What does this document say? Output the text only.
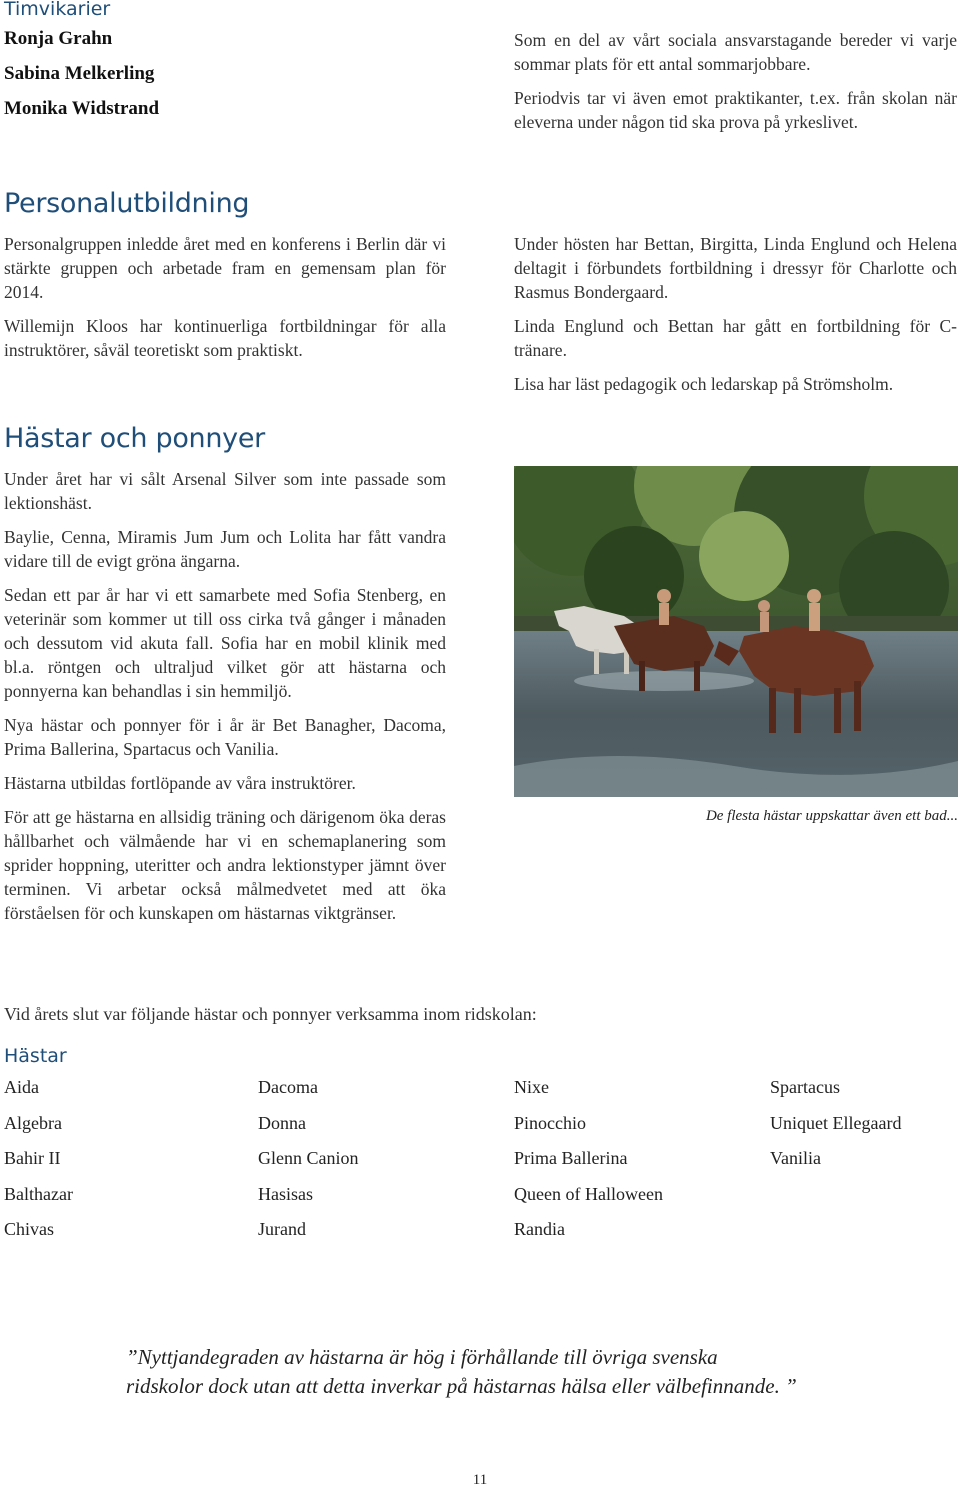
Timvikarier
Ronja Grahn
Sabina Melkerling
Monika Widstrand

Som en del av vårt sociala ansvarstagande bereder vi varje sommar plats för ett antal sommarjobbare.

Periodvis tar vi även emot praktikanter, t.ex. från skolan när eleverna under någon tid ska prova på yrkeslivet.

Personalutbildning

Personalgruppen inledde året med en konferens i Berlin där vi stärkte gruppen och arbetade fram en gemensam plan för 2014.

Willemijn Kloos har kontinuerliga fortbildningar för alla instruktörer, såväl teoretiskt som praktiskt.

Under hösten har Bettan, Birgitta, Linda Englund och Helena deltagit i förbundets fortbildning i dressyr för Charlotte och Rasmus Bondergaard.

Linda Englund och Bettan har gått en fortbildning för C-tränare.

Lisa har läst pedagogik och ledarskap på Strömsholm.

Hästar och ponnyer

Under året har vi sålt Arsenal Silver som inte passade som lektionshäst.

Baylie, Cenna, Miramis Jum Jum och Lolita har fått vandra vidare till de evigt gröna ängarna.

Sedan ett par år har vi ett samarbete med Sofia Stenberg, en veterinär som kommer ut till oss cirka två gånger i månaden och dessutom vid akuta fall. Sofia har en mobil klinik med bl.a. röntgen och ultraljud vilket gör att hästarna och ponnyerna kan behandlas i sin hemmiljö.

Nya hästar och ponnyer för i år är Bet Banagher, Dacoma, Prima Ballerina, Spartacus och Vanilia.

Hästarna utbildas fortlöpande av våra instruktörer.

För att ge hästarna en allsidig träning och därigenom öka deras hållbarhet och välmående har vi en schemaplanering som sprider hoppning, uteritter och andra lektionstyper jämnt över terminen. Vi arbetar också målmedvetet med att öka förståelsen för och kunskapen om hästarnas viktgränser.

De flesta hästar uppskattar även ett bad...
Vid årets slut var följande hästar och ponnyer verksamma inom ridskolan:
Hästar
Aida	Dacoma	Nixe	Spartacus
Algebra	Donna	Pinocchio	Uniquet Ellegaard
Bahir II	Glenn Canion	Prima Ballerina	Vanilia
Balthazar	Hasisas	Queen of Halloween
Chivas	Jurand	Randia
”Nyttjandegraden av hästarna är hög i förhållande till övriga svenska
ridskolor dock utan att detta inverkar på hästarnas hälsa eller välbefinnande. ”
11
